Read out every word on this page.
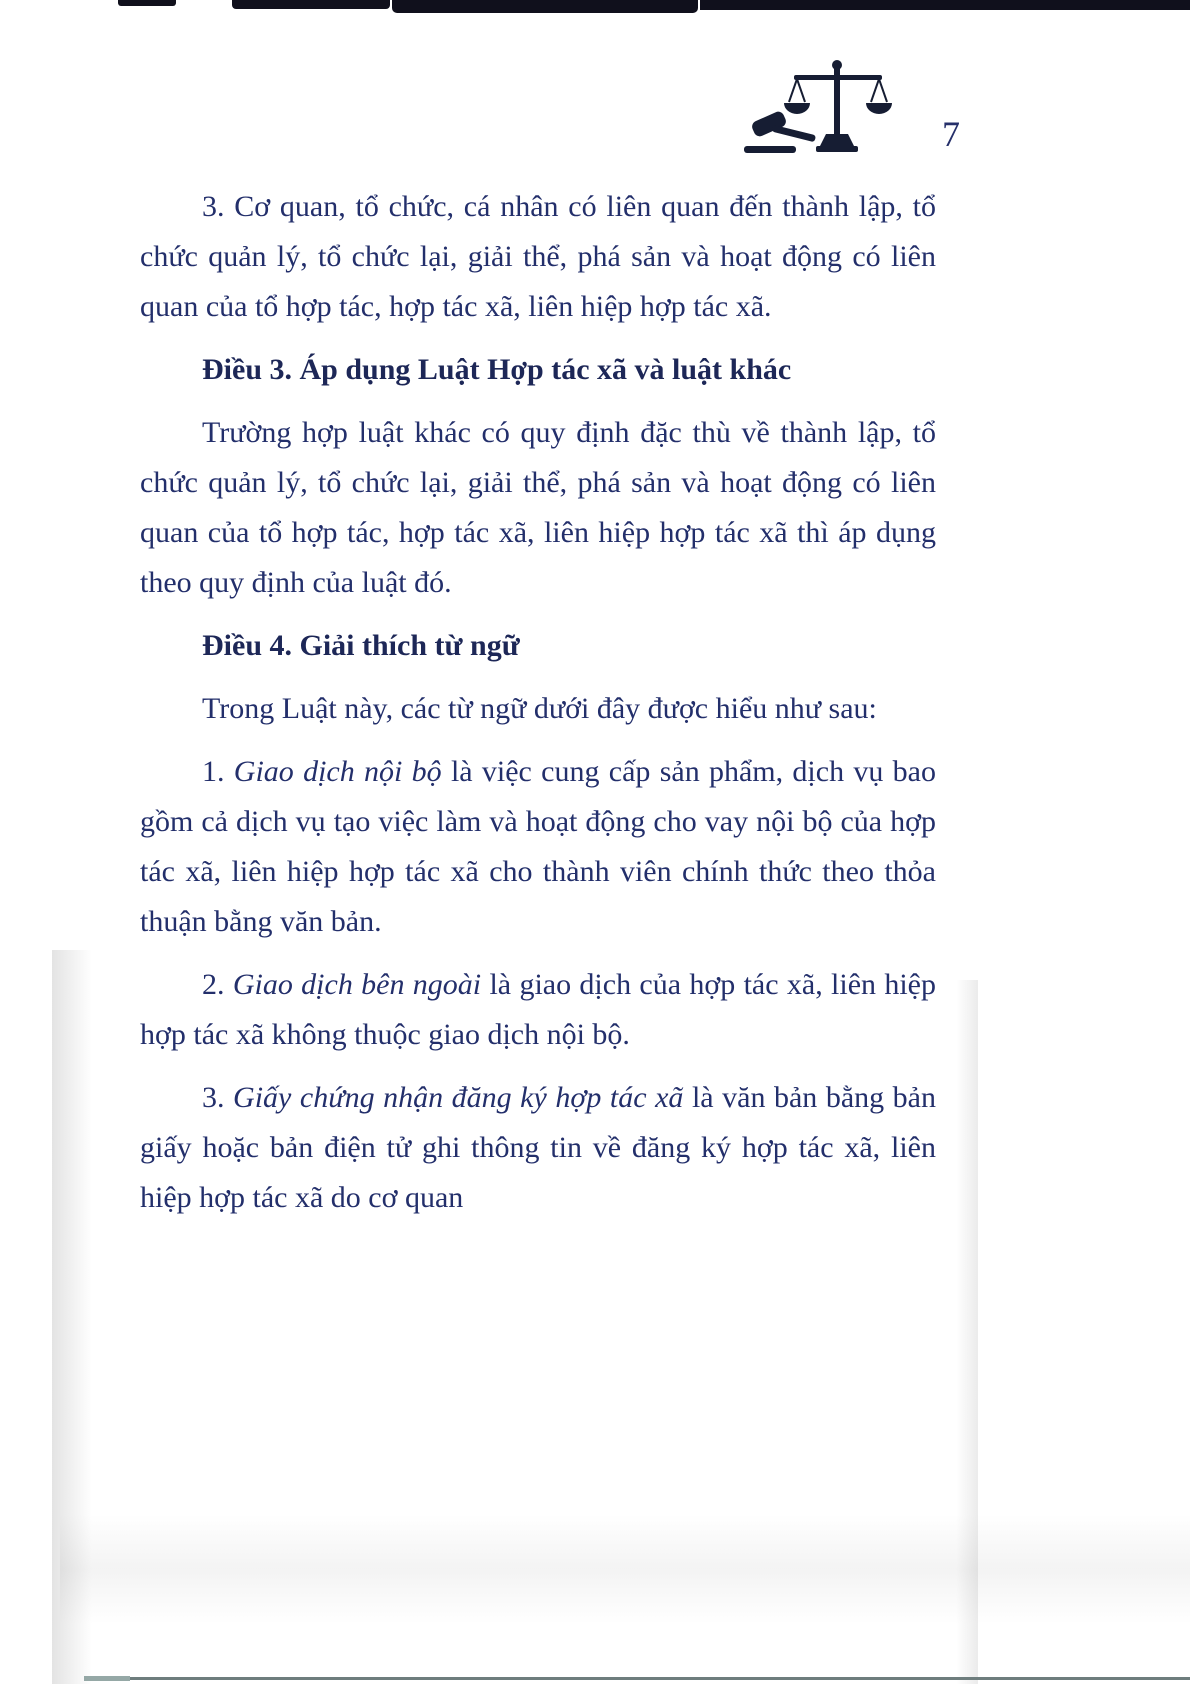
7

3. Cơ quan, tổ chức, cá nhân có liên quan đến thành lập, tổ chức quản lý, tổ chức lại, giải thể, phá sản và hoạt động có liên quan của tổ hợp tác, hợp tác xã, liên hiệp hợp tác xã.

Điều 3. Áp dụng Luật Hợp tác xã và luật khác

Trường hợp luật khác có quy định đặc thù về thành lập, tổ chức quản lý, tổ chức lại, giải thể, phá sản và hoạt động có liên quan của tổ hợp tác, hợp tác xã, liên hiệp hợp tác xã thì áp dụng theo quy định của luật đó.

Điều 4. Giải thích từ ngữ

Trong Luật này, các từ ngữ dưới đây được hiểu như sau:

1. Giao dịch nội bộ là việc cung cấp sản phẩm, dịch vụ bao gồm cả dịch vụ tạo việc làm và hoạt động cho vay nội bộ của hợp tác xã, liên hiệp hợp tác xã cho thành viên chính thức theo thỏa thuận bằng văn bản.

2. Giao dịch bên ngoài là giao dịch của hợp tác xã, liên hiệp hợp tác xã không thuộc giao dịch nội bộ.

3. Giấy chứng nhận đăng ký hợp tác xã là văn bản bằng bản giấy hoặc bản điện tử ghi thông tin về đăng ký hợp tác xã, liên hiệp hợp tác xã do cơ quan
